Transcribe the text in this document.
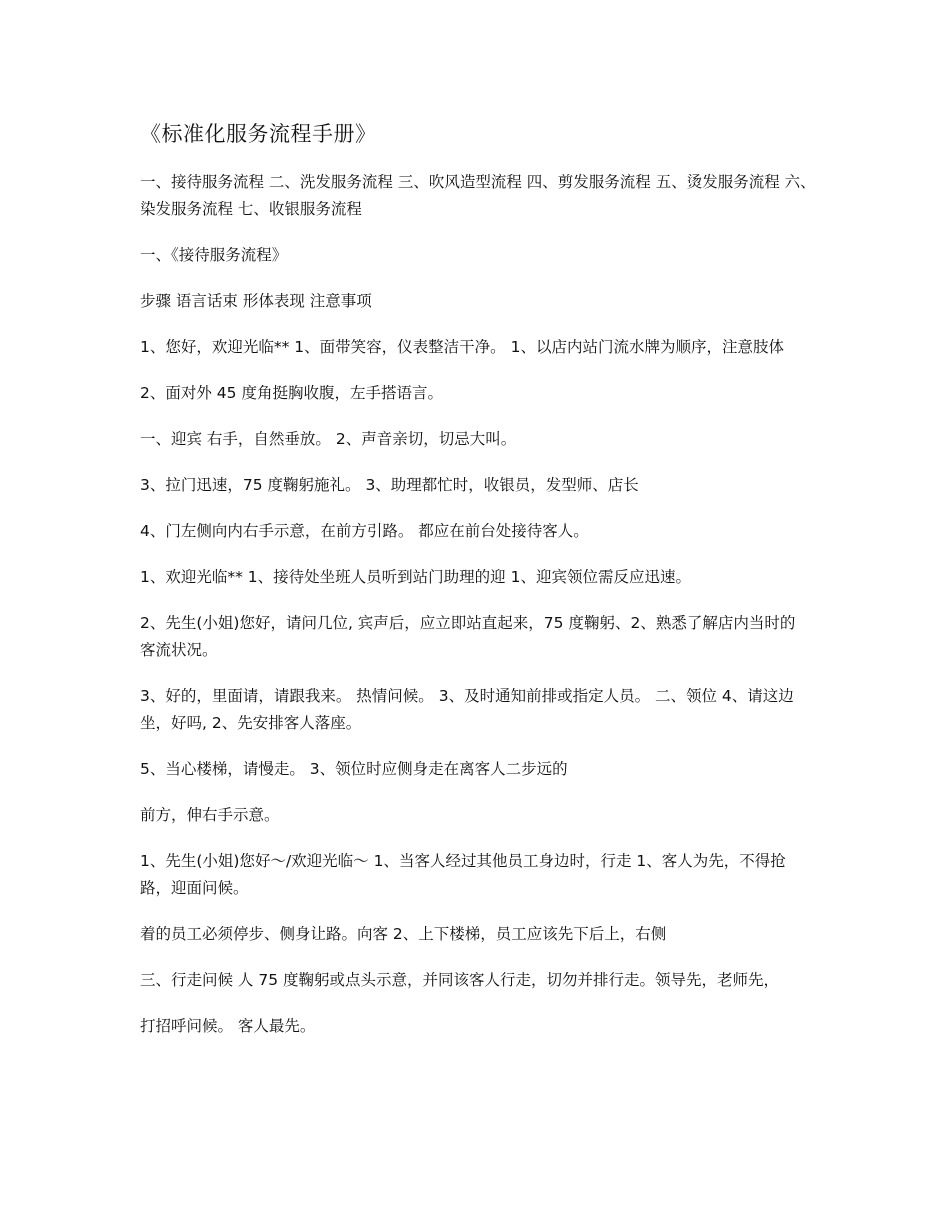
《标准化服务流程手册》

一、接待服务流程 二、洗发服务流程 三、吹风造型流程 四、剪发服务流程 五、烫发服务流程 六、染发服务流程 七、收银服务流程

一、《接待服务流程》

步骤 语言话束 形体表现 注意事项

1、您好，欢迎光临** 1、面带笑容，仪表整洁干净。 1、以店内站门流水牌为顺序，注意肢体

2、面对外 45 度角挺胸收腹，左手搭语言。

一、迎宾 右手，自然垂放。 2、声音亲切，切忌大叫。

3、拉门迅速，75 度鞠躬施礼。 3、助理都忙时，收银员，发型师、店长

4、门左侧向内右手示意，在前方引路。 都应在前台处接待客人。

1、欢迎光临** 1、接待处坐班人员听到站门助理的迎 1、迎宾领位需反应迅速。

2、先生(小姐)您好，请问几位, 宾声后，应立即站直起来，75 度鞠躬、2、熟悉了解店内当时的客流状况。

3、好的，里面请，请跟我来。 热情问候。 3、及时通知前排或指定人员。 二、领位 4、请这边坐，好吗, 2、先安排客人落座。

5、当心楼梯，请慢走。 3、领位时应侧身走在离客人二步远的

前方，伸右手示意。

1、先生(小姐)您好～/欢迎光临～ 1、当客人经过其他员工身边时，行走 1、客人为先，不得抢路，迎面问候。

着的员工必须停步、侧身让路。向客 2、上下楼梯，员工应该先下后上，右侧

三、行走问候 人 75 度鞠躬或点头示意，并同该客人行走，切勿并排行走。领导先，老师先，

打招呼问候。 客人最先。
